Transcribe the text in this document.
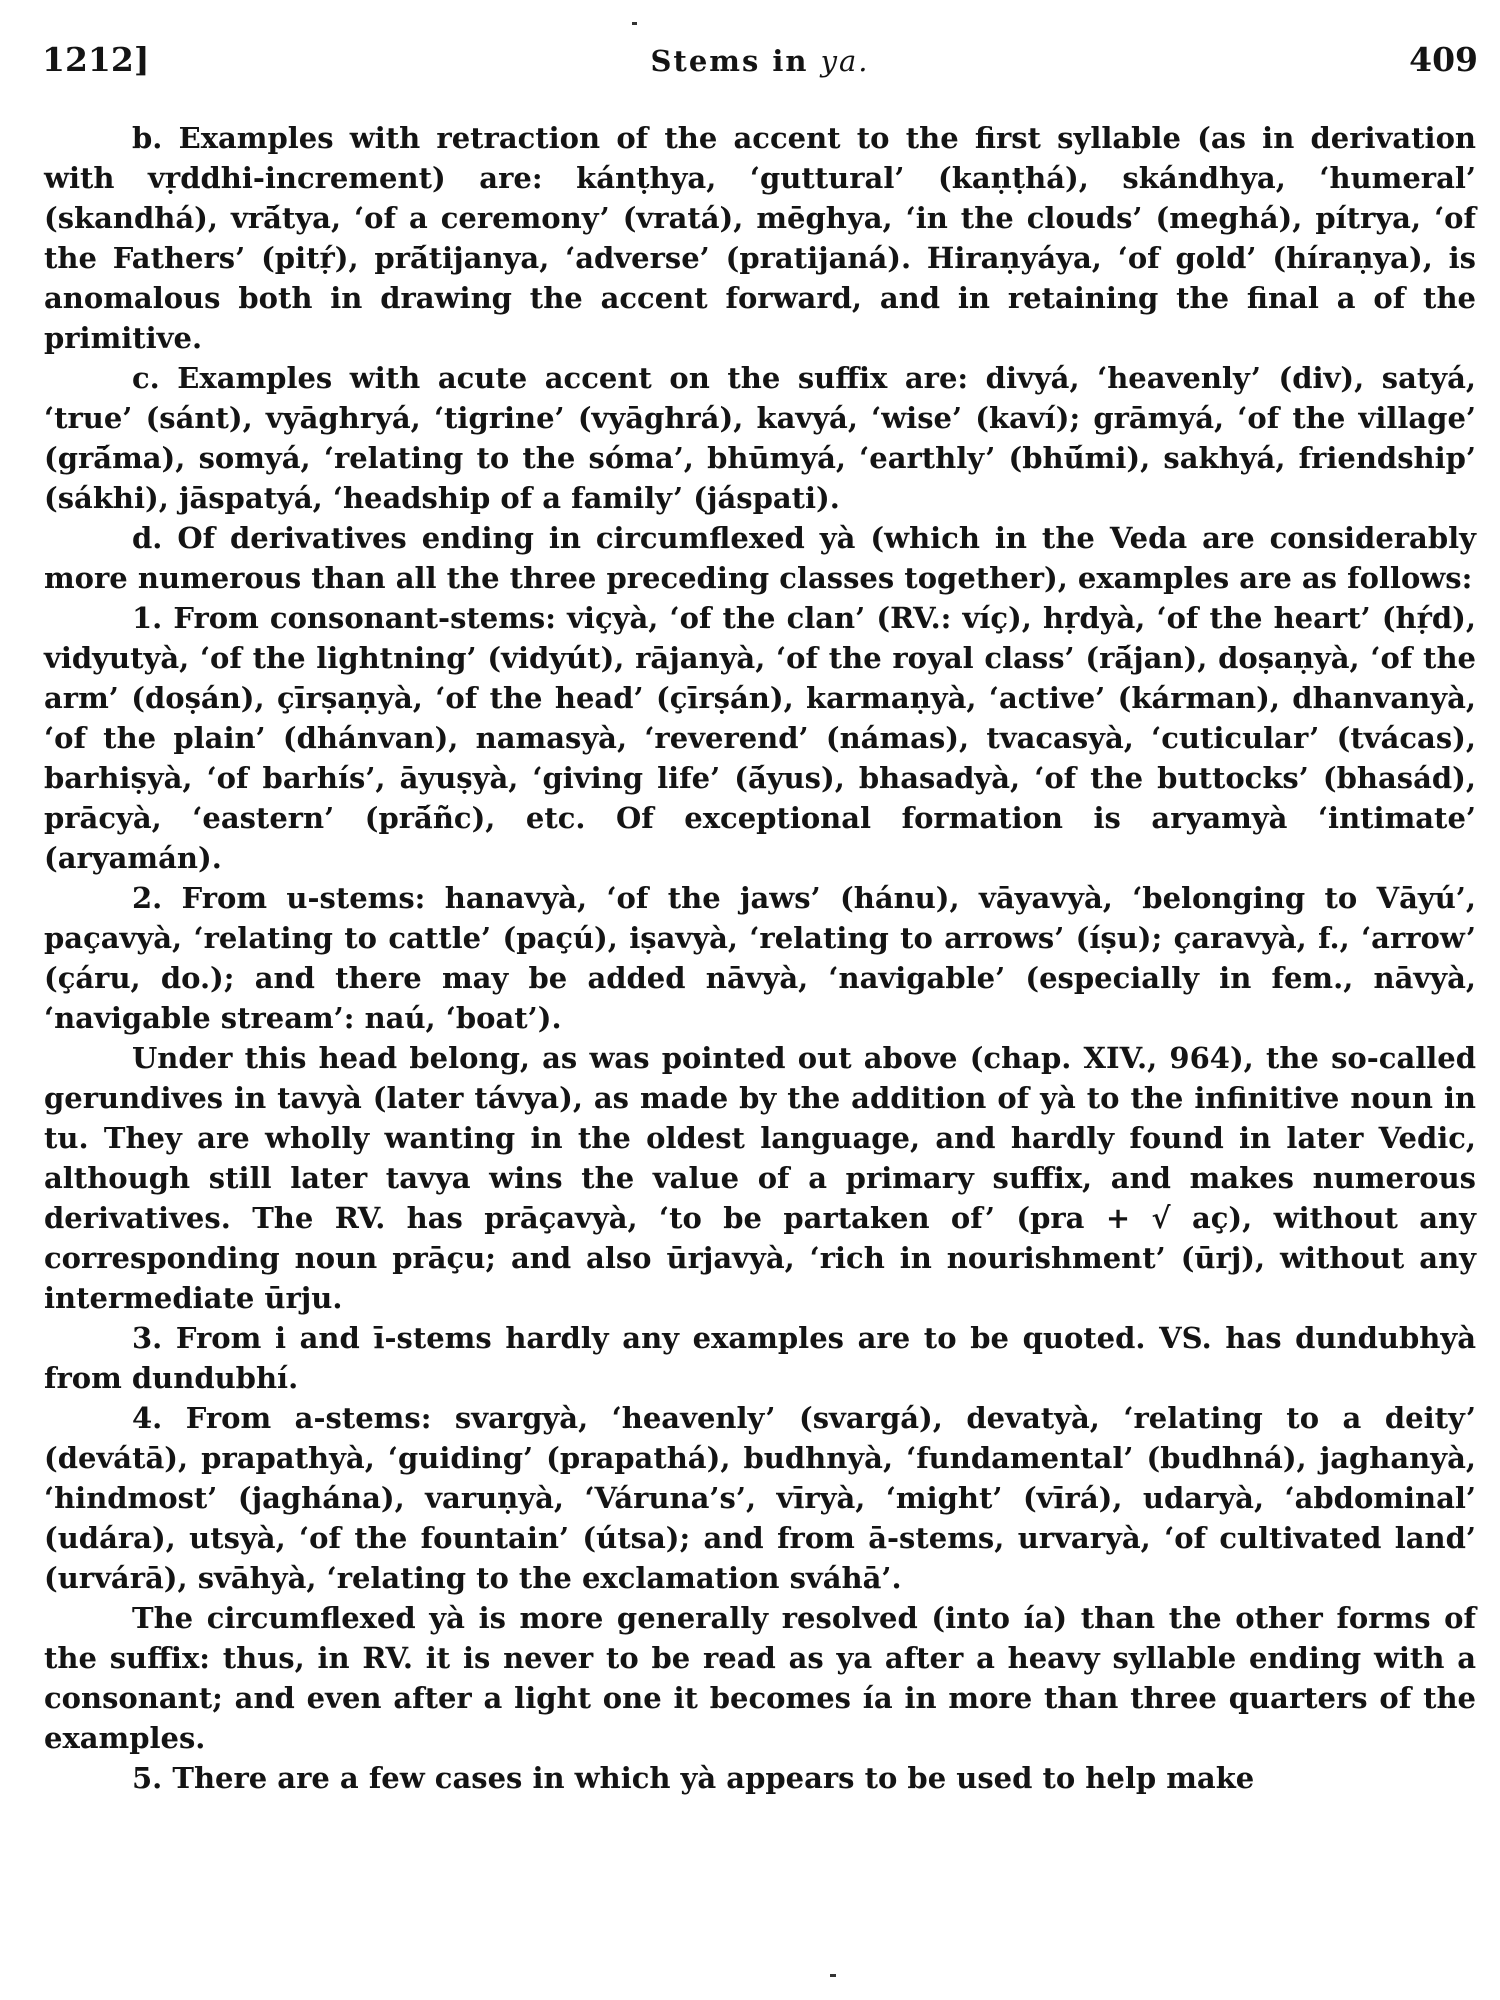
1212]	Stems in ya.	409

b. Examples with retraction of the accent to the first syllable (as in derivation with vṛddhi-increment) are: kánṭhya, ‘guttural’ (kaṇṭhá), skándhya, ‘humeral’ (skandhá), vrā́tya, ‘of a ceremony’ (vratá), mēghya, ‘in the clouds’ (meghá), pítrya, ‘of the Fathers’ (pitṛ́), prā́tijanya, ‘adverse’ (pratijaná). Hiraṇyáya, ‘of gold’ (híraṇya), is anomalous both in drawing the accent forward, and in retaining the final a of the primitive.

c. Examples with acute accent on the suffix are: divyá, ‘heavenly’ (div), satyá, ‘true’ (sánt), vyāghryá, ‘tigrine’ (vyāghrá), kavyá, ‘wise’ (kaví); grāmyá, ‘of the village’ (grā́ma), somyá, ‘relating to the sóma’, bhūmyá, ‘earthly’ (bhū́mi), sakhyá, friendship’ (sákhi), jāspatyá, ‘headship of a family’ (jáspati).

d. Of derivatives ending in circumflexed yà (which in the Veda are considerably more numerous than all the three preceding classes together), examples are as follows:

1. From consonant-stems: viçyà, ‘of the clan’ (RV.: víç), hṛdyà, ‘of the heart’ (hṛ́d), vidyutyà, ‘of the lightning’ (vidyút), rājanyà, ‘of the royal class’ (rā́jan), doṣaṇyà, ‘of the arm’ (doṣán), çīrṣaṇyà, ‘of the head’ (çīrṣán), karmaṇyà, ‘active’ (kárman), dhanvanyà, ‘of the plain’ (dhánvan), namasyà, ‘reverend’ (námas), tvacasyà, ‘cuticular’ (tvácas), barhiṣyà, ‘of barhís’, āyuṣyà, ‘giving life’ (ā́yus), bhasadyà, ‘of the buttocks’ (bhasád), prācyà, ‘eastern’ (prā́ñc), etc. Of exceptional formation is aryamyà ‘intimate’ (aryamán).

2. From u-stems: hanavyà, ‘of the jaws’ (hánu), vāyavyà, ‘belonging to Vāyú’, paçavyà, ‘relating to cattle’ (paçú), iṣavyà, ‘relating to arrows’ (íṣu); çaravyà, f., ‘arrow’ (çáru, do.); and there may be added nāvyà, ‘navigable’ (especially in fem., nāvyà, ‘navigable stream’: naú, ‘boat’).

Under this head belong, as was pointed out above (chap. XIV., 964), the so-called gerundives in tavyà (later távya), as made by the addition of yà to the infinitive noun in tu. They are wholly wanting in the oldest language, and hardly found in later Vedic, although still later tavya wins the value of a primary suffix, and makes numerous derivatives. The RV. has prāçavyà, ‘to be partaken of’ (pra + √ aç), without any corresponding noun prāçu; and also ūrjavyà, ‘rich in nourishment’ (ūrj), without any intermediate ūrju.

3. From i and ī-stems hardly any examples are to be quoted. VS. has dundubhyà from dundubhí.

4. From a-stems: svargyà, ‘heavenly’ (svargá), devatyà, ‘relating to a deity’ (devátā), prapathyà, ‘guiding’ (prapathá), budhnyà, ‘fundamental’ (budhná), jaghanyà, ‘hindmost’ (jaghána), varuṇyà, ‘Váruna’s’, vīryà, ‘might’ (vīrá), udaryà, ‘abdominal’ (udára), utsyà, ‘of the fountain’ (útsa); and from ā-stems, urvaryà, ‘of cultivated land’ (urvárā), svāhyà, ‘relating to the exclamation sváhā’.

The circumflexed yà is more generally resolved (into ía) than the other forms of the suffix: thus, in RV. it is never to be read as ya after a heavy syllable ending with a consonant; and even after a light one it becomes ía in more than three quarters of the examples.

5. There are a few cases in which yà appears to be used to help make
